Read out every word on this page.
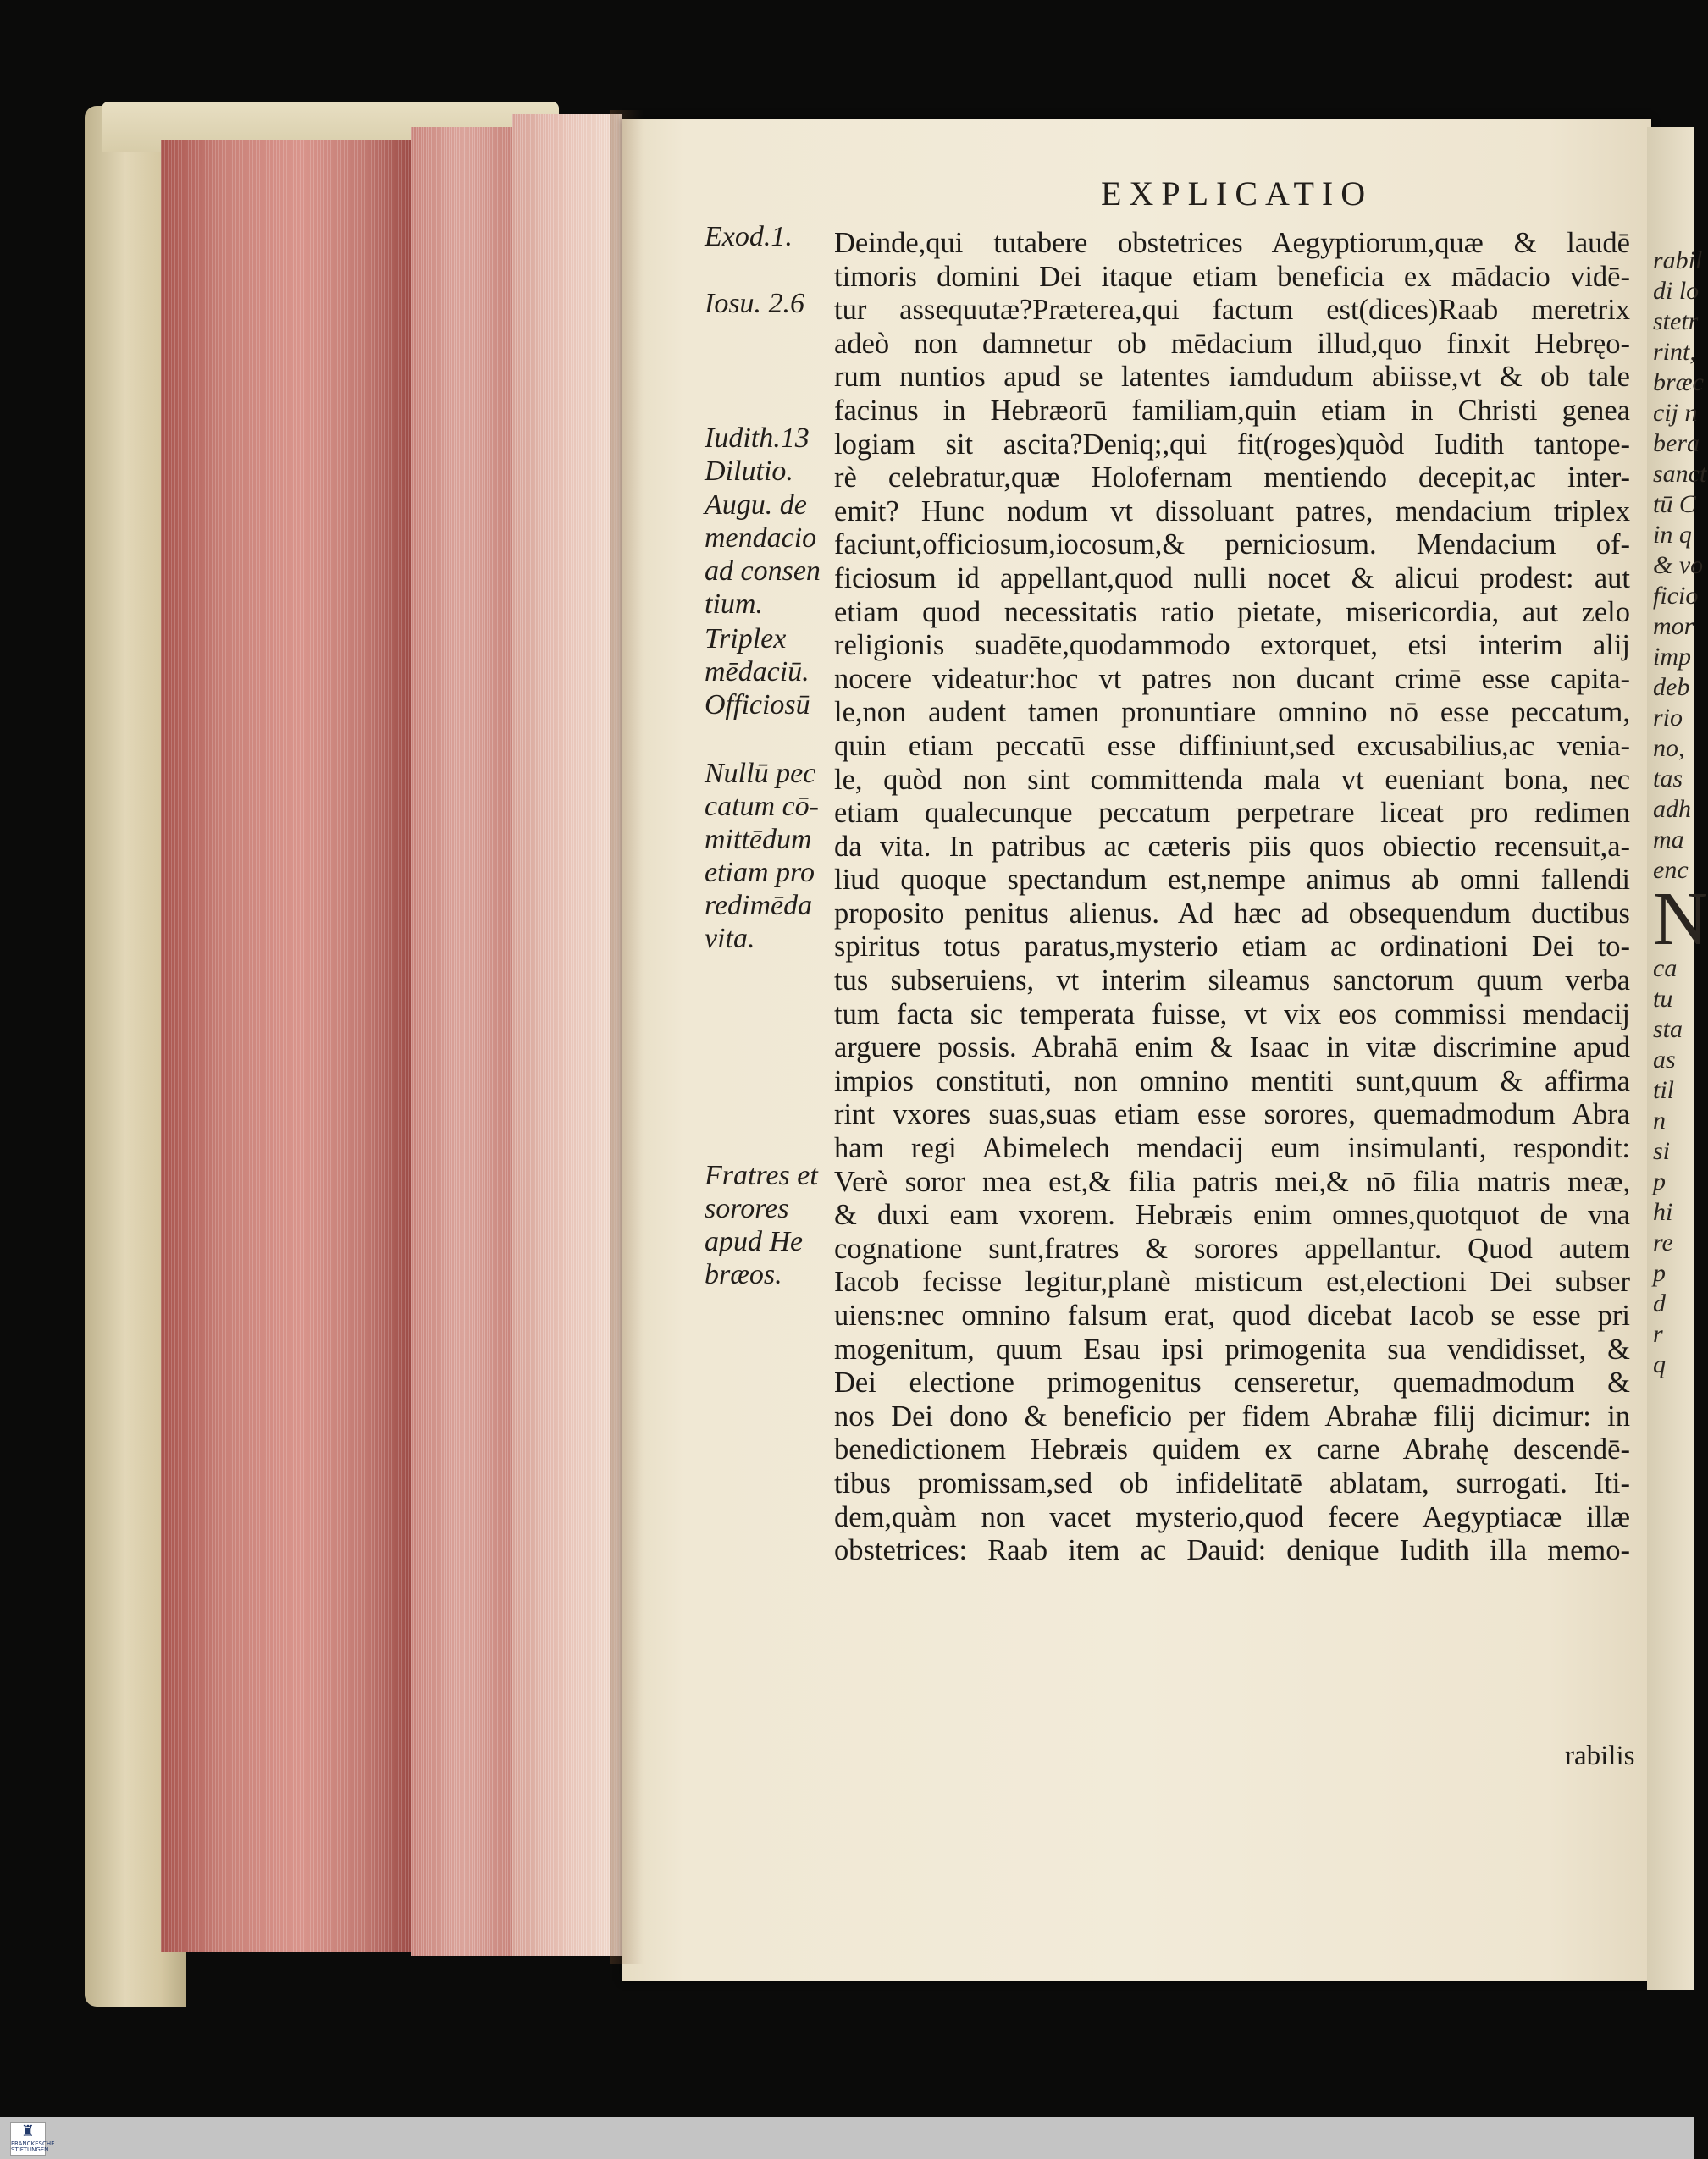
rabil
di lo
stetr
rint,
bræc
cij n
bera
sanct
tū C
in q
& vo
ficio
mor
imp
deb
rio
no,
tas
adh
ma
enc
N
ca
tu
sta
as
til
n
si
p
hi
re
p
d
r
q
EXPLICATIO
Exod.1.
Iosu. 2.6
Iudith.13
Dilutio.
Augu. de
mendacio
ad consen
tium.
Triplex
mēdaciū.
Officiosū
Nullū pec
catum cō-
mittēdum
etiam pro
redimēda
vita.
Fratres et
sorores
apud He
bræos.
Deinde,qui tutabere obstetrices Aegyptiorum,quæ & laudē
timoris domini Dei itaque etiam beneficia ex mādacio vidē-
tur assequutæ?Præterea,qui factum est(dices)Raab meretrix
adeò non damnetur ob mēdacium illud,quo finxit Hebręo-
rum nuntios apud se latentes iamdudum abiisse,vt & ob tale
facinus in Hebræorū familiam,quin etiam in Christi genea
logiam sit ascita?Deniq;,qui fit(roges)quòd Iudith tantope-
rè celebratur,quæ Holofernam mentiendo decepit,ac inter-
emit? Hunc nodum vt dissoluant patres, mendacium triplex
faciunt,officiosum,iocosum,& perniciosum. Mendacium of-
ficiosum id appellant,quod nulli nocet & alicui prodest: aut
etiam quod necessitatis ratio pietate, misericordia, aut zelo
religionis suadēte,quodammodo extorquet, etsi interim alij
nocere videatur:hoc vt patres non ducant crimē esse capita-
le,non audent tamen pronuntiare omnino nō esse peccatum,
quin etiam peccatū esse diffiniunt,sed excusabilius,ac venia-
le, quòd non sint committenda mala vt eueniant bona, nec
etiam qualecunque peccatum perpetrare liceat pro redimen
da vita. In patribus ac cæteris piis quos obiectio recensuit,a-
liud quoque spectandum est,nempe animus ab omni fallendi
proposito penitus alienus. Ad hæc ad obsequendum ductibus
spiritus totus paratus,mysterio etiam ac ordinationi Dei to-
tus subseruiens, vt interim sileamus sanctorum quum verba
tum facta sic temperata fuisse, vt vix eos commissi mendacij
arguere possis. Abrahā enim & Isaac in vitæ discrimine apud
impios constituti, non omnino mentiti sunt,quum & affirma
rint vxores suas,suas etiam esse sorores, quemadmodum Abra
ham regi Abimelech mendacij eum insimulanti, respondit:
Verè soror mea est,& filia patris mei,& nō filia matris meæ,
& duxi eam vxorem. Hebræis enim omnes,quotquot de vna
cognatione sunt,fratres & sorores appellantur. Quod autem
Iacob fecisse legitur,planè misticum est,electioni Dei subser
uiens:nec omnino falsum erat, quod dicebat Iacob se esse pri
mogenitum, quum Esau ipsi primogenita sua vendidisset, &
Dei electione primogenitus censeretur, quemadmodum &
nos Dei dono & beneficio per fidem Abrahæ filij dicimur: in
benedictionem Hebræis quidem ex carne Abrahę descendē-
tibus promissam,sed ob infidelitatē ablatam, surrogati. Iti-
dem,quàm non vacet mysterio,quod fecere Aegyptiacæ illæ
obstetrices: Raab item ac Dauid: denique Iudith illa memo-
rabilis
♜
FRANCKESCHE
STIFTUNGEN
